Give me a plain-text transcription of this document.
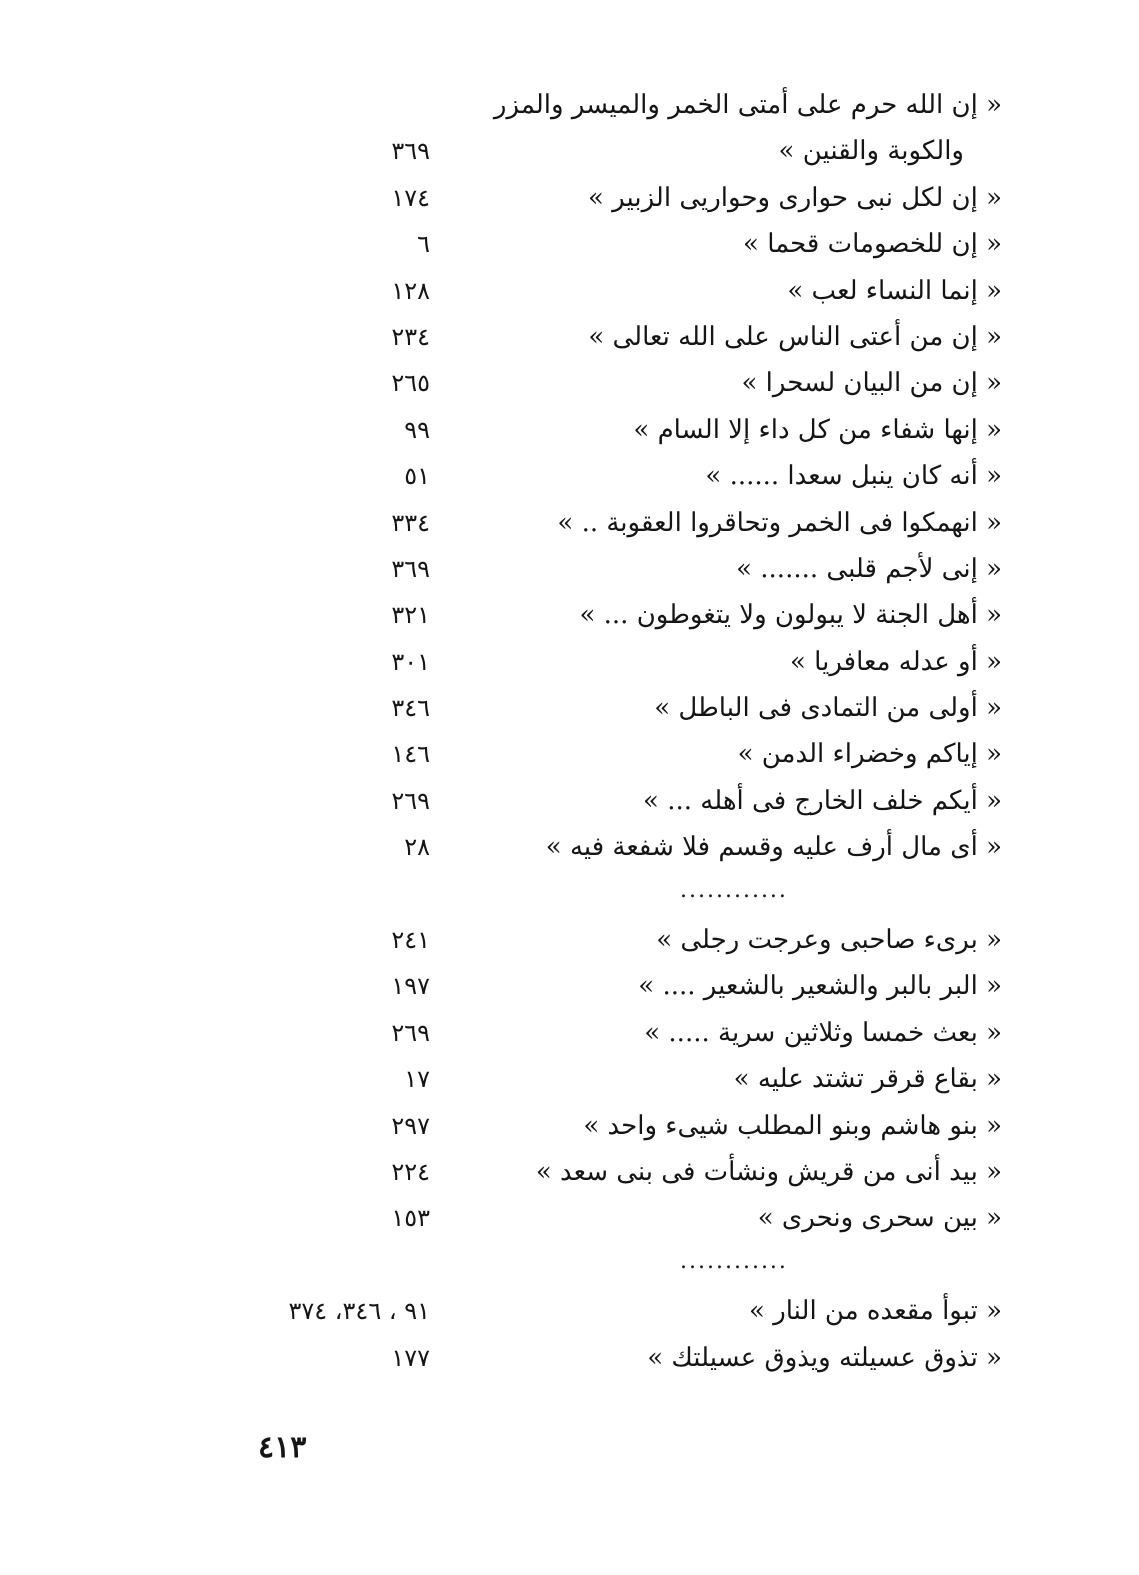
« إن الله حرم على أمتى الخمر والميسر والمزر
والكوبة والقنين »
٣٦٩
« إن لكل نبى حوارى وحواريى الزبير »
١٧٤
« إن للخصومات قحما »
٦
« إنما النساء لعب »
١٢٨
« إن من أعتى الناس على الله تعالى »
٢٣٤
« إن من البيان لسحرا »
٢٦٥
« إنها شفاء من كل داء إلا السام »
٩٩
« أنه كان ينبل سعدا ...... »
٥١
« انهمكوا فى الخمر وتحاقروا العقوبة .. »
٣٣٤
« إنى لأجم قلبى ....... »
٣٦٩
« أهل الجنة لا يبولون ولا يتغوطون ... »
٣٢١
« أو عدله معافريا »
٣٠١
« أولى من التمادى فى الباطل »
٣٤٦
« إياكم وخضراء الدمن »
١٤٦
« أيكم خلف الخارج فى أهله ... »
٢٦٩
« أى مال أرف عليه وقسم فلا شفعة فيه »
٢٨
............
« برىء صاحبى وعرجت رجلى »
٢٤١
« البر بالبر والشعير بالشعير .... »
١٩٧
« بعث خمسا وثلاثين سرية ..... »
٢٦٩
« بقاع قرقر تشتد عليه »
١٧
« بنو هاشم وبنو المطلب شيىء واحد »
٢٩٧
« بيد أنى من قريش ونشأت فى بنى سعد »
٢٢٤
« بين سحرى ونحرى »
١٥٣
............
« تبوأ مقعده من النار »
٩١ ، ٣٤٦، ٣٧٤
« تذوق عسيلته ويذوق عسيلتك »
١٧٧
٤١٣
